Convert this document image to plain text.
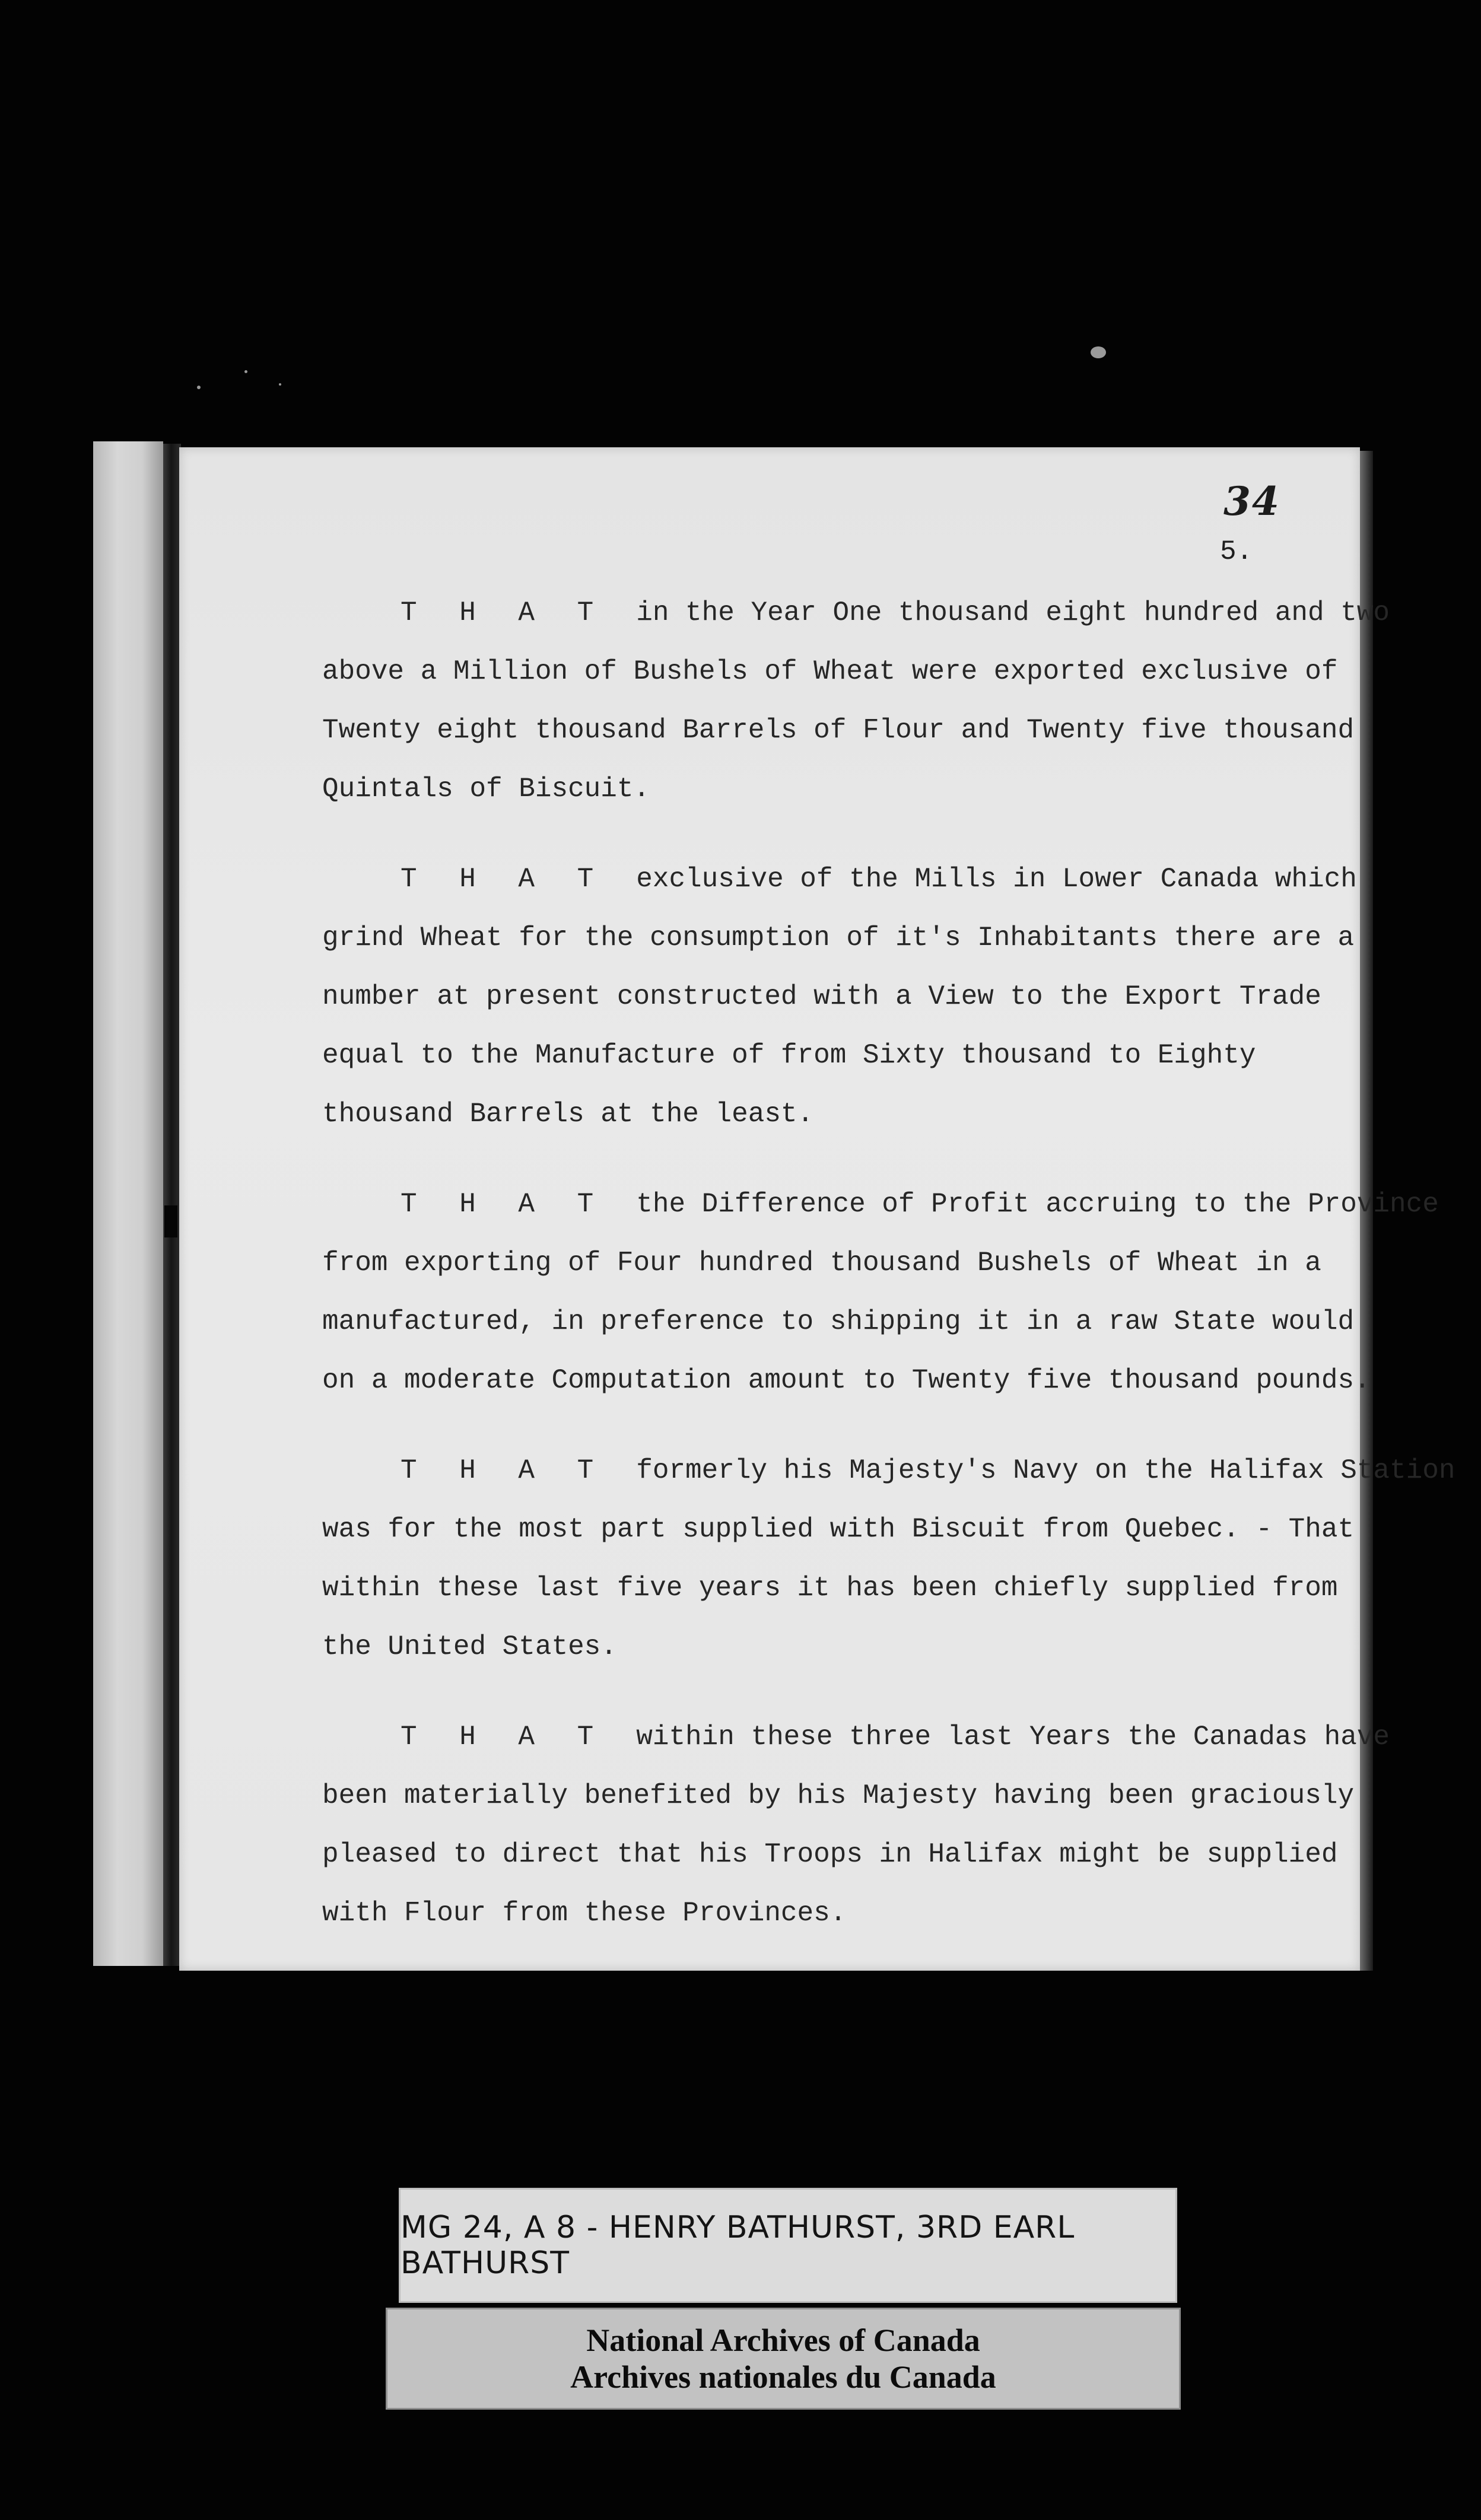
34
5.
T H A T in the Year One thousand eight hundred and two
above a Million of Bushels of Wheat were exported exclusive of
Twenty eight thousand Barrels of Flour and Twenty five thousand
Quintals of Biscuit.
T H A T exclusive of the Mills in Lower Canada which
grind Wheat for the consumption of it's Inhabitants there are a
number at present constructed with a View to the Export Trade
equal to the Manufacture of from Sixty thousand to Eighty
thousand Barrels at the least.
T H A T the Difference of Profit accruing to the Province
from exporting of Four hundred thousand Bushels of Wheat in a
manufactured, in preference to shipping it in a raw State would
on a moderate Computation amount to Twenty five thousand pounds.
T H A T formerly his Majesty's Navy on the Halifax Station
was for the most part supplied with Biscuit from Quebec. - That
within these last five years it has been chiefly supplied from
the United States.
T H A T within these three last Years the Canadas have
been materially benefited by his Majesty having been graciously
pleased to direct that his Troops in Halifax might be supplied
with Flour from these Provinces.
MG 24, A 8 - HENRY BATHURST, 3RD EARL BATHURST
National Archives of Canada
Archives nationales du Canada
